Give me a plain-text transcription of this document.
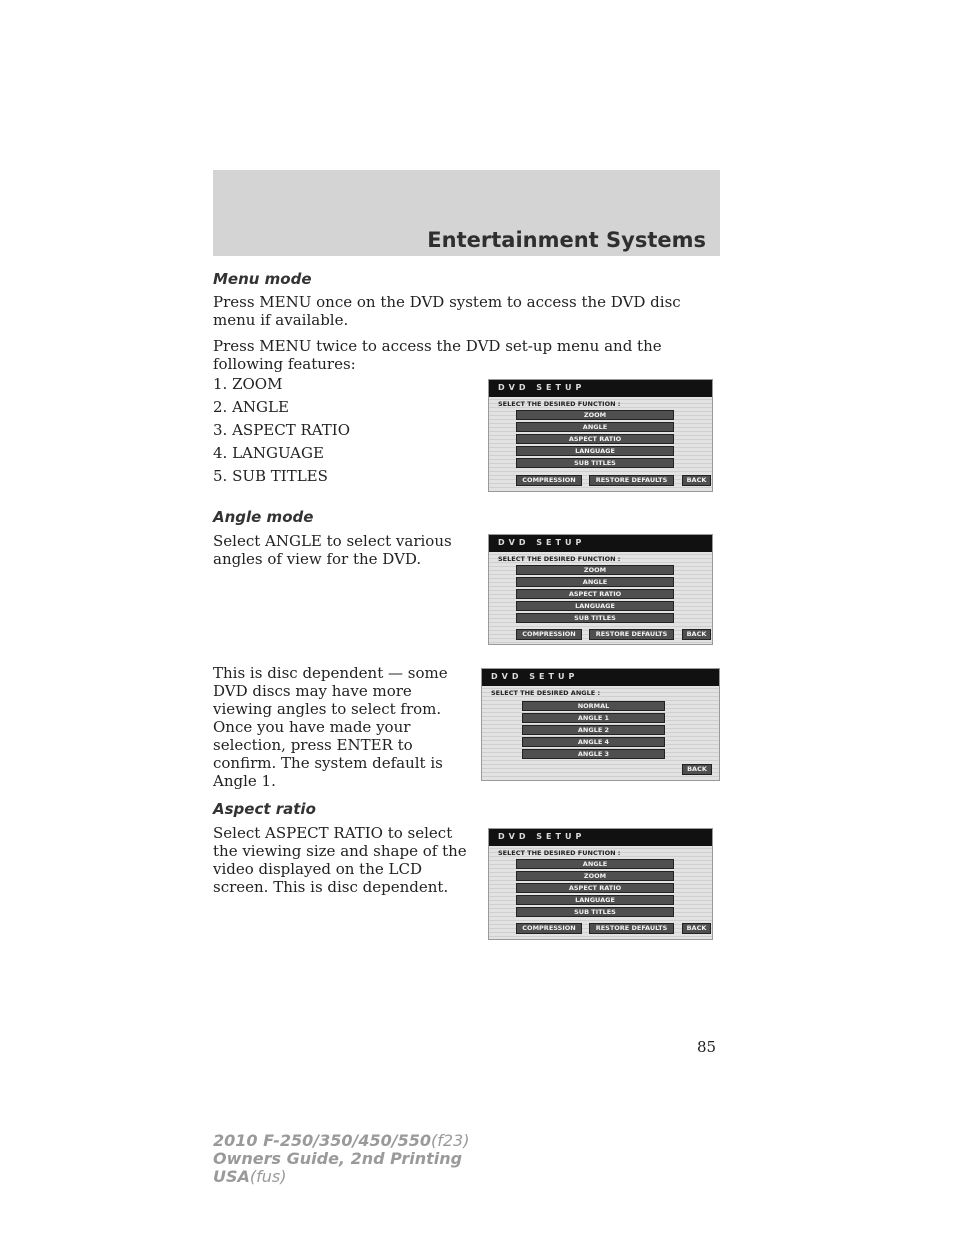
Entertainment Systems
Menu mode
Press MENU once on the DVD system to access the DVD disc menu if available.
Press MENU twice to access the DVD set-up menu and the following features:
1. ZOOM
2. ANGLE
3. ASPECT RATIO
4. LANGUAGE
5. SUB TITLES
DVD SETUP
SELECT THE DESIRED FUNCTION :
ZOOM
ANGLE
ASPECT RATIO
LANGUAGE
SUB TITLES
COMPRESSION	RESTORE DEFAULTS	BACK
Angle mode
Select ANGLE to select various angles of view for the DVD.
DVD SETUP
SELECT THE DESIRED FUNCTION :
ZOOM
ANGLE
ASPECT RATIO
LANGUAGE
SUB TITLES
COMPRESSION	RESTORE DEFAULTS	BACK
This is disc dependent — some DVD discs may have more viewing angles to select from. Once you have made your selection, press ENTER to confirm. The system default is Angle 1.
DVD SETUP
SELECT THE DESIRED ANGLE :
NORMAL
ANGLE 1
ANGLE 2
ANGLE 4
ANGLE 3
BACK
Aspect ratio
Select ASPECT RATIO to select the viewing size and shape of the video displayed on the LCD screen. This is disc dependent.
DVD SETUP
SELECT THE DESIRED FUNCTION :
ANGLE
ZOOM
ASPECT RATIO
LANGUAGE
SUB TITLES
COMPRESSION	RESTORE DEFAULTS	BACK
85
2010 F-250/350/450/550(f23)
Owners Guide, 2nd Printing
USA(fus)
